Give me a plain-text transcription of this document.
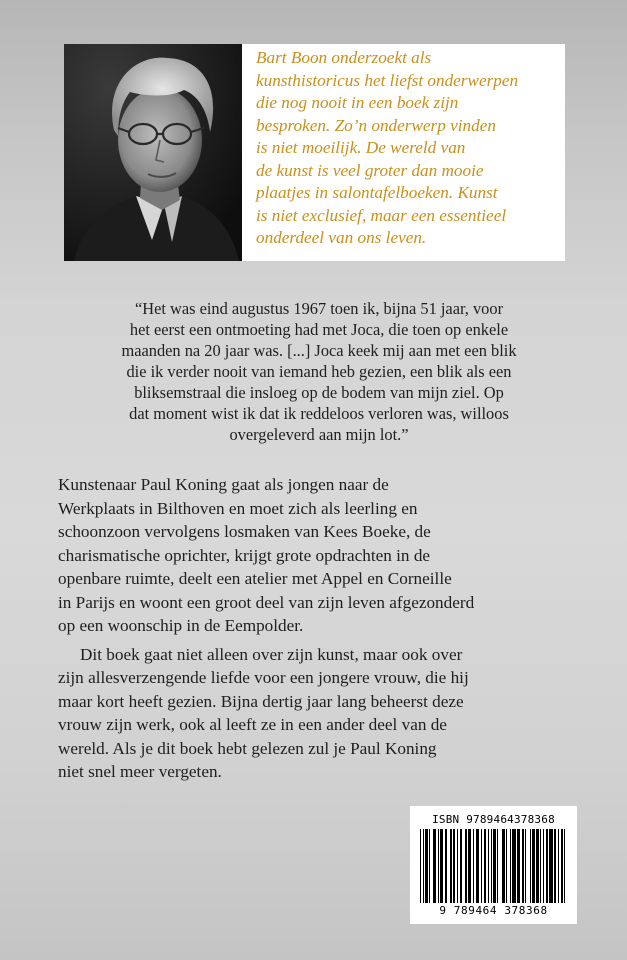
Bart Boon onderzoekt als
kunsthistoricus het liefst onderwerpen
die nog nooit in een boek zijn
besproken. Zo’n onderwerp vinden
is niet moeilijk. De wereld van
de kunst is veel groter dan mooie
plaatjes in salontafelboeken. Kunst
is niet exclusief, maar een essentieel
onderdeel van ons leven.

“Het was eind augustus 1967 toen ik, bijna 51 jaar, voor
het eerst een ontmoeting had met Joca, die toen op enkele
maanden na 20 jaar was. [...] Joca keek mij aan met een blik
die ik verder nooit van iemand heb gezien, een blik als een
bliksemstraal die insloeg op de bodem van mijn ziel. Op
dat moment wist ik dat ik reddeloos verloren was, willoos
overgeleverd aan mijn lot.”

Kunstenaar Paul Koning gaat als jongen naar de
Werkplaats in Bilthoven en moet zich als leerling en
schoonzoon vervolgens losmaken van Kees Boeke, de
charismatische oprichter, krijgt grote opdrachten in de
openbare ruimte, deelt een atelier met Appel en Corneille
in Parijs en woont een groot deel van zijn leven afgezonderd
op een woonschip in de Eempolder.

Dit boek gaat niet alleen over zijn kunst, maar ook over
zijn allesverzengende liefde voor een jongere vrouw, die hij
maar kort heeft gezien. Bijna dertig jaar lang beheerst deze
vrouw zijn werk, ook al leeft ze in een ander deel van de
wereld. Als je dit boek hebt gelezen zul je Paul Koning
niet snel meer vergeten.

ISBN 9789464378368
9 789464 378368
